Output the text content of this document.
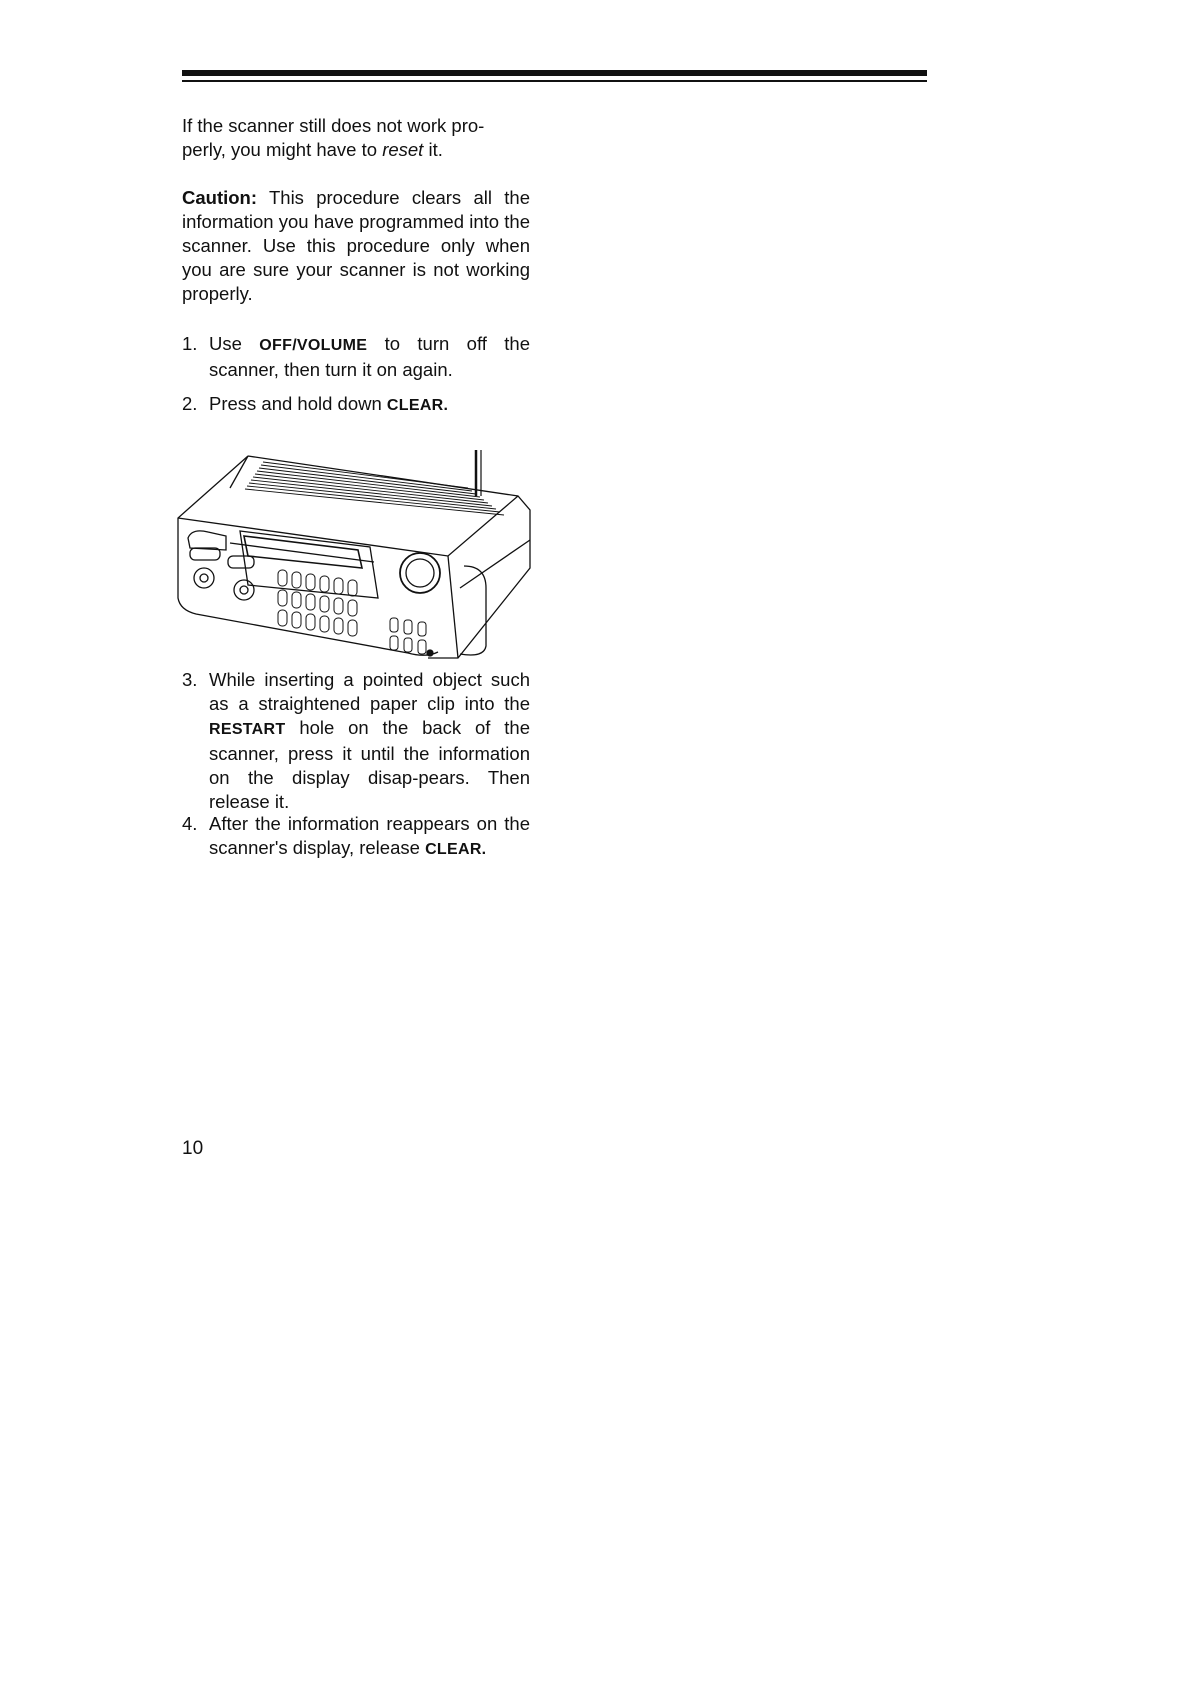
If the scanner still does not work pro-
perly, you might have to reset it.

Caution: This procedure clears all the information you have programmed into the scanner. Use this procedure only when you are sure your scanner is not working properly.

1. Use OFF/VOLUME to turn off the scanner, then turn it on again.
2. Press and hold down CLEAR.
3. While inserting a pointed object such as a straightened paper clip into the RESTART hole on the back of the scanner, press it until the information on the display disap-pears. Then release it.
4. After the information reappears on the scanner's display, release CLEAR.
10
